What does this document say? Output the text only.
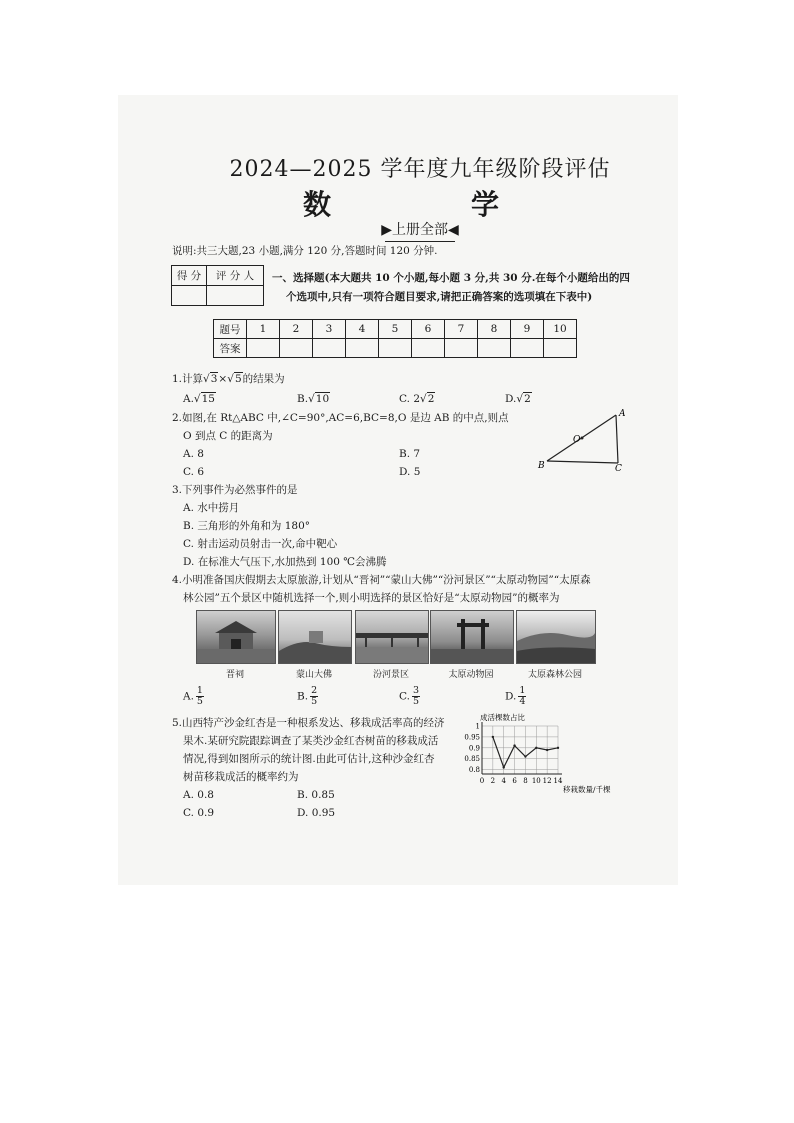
2024—2025 学年度九年级阶段评估
数　　学
▶上册全部◀
说明:共三大题,23 小题,满分 120 分,答题时间 120 分钟.
得 分	评 分 人
	一、选择题(本大题共 10 个小题,每小题 3 分,共 30 分.在每个小题给出的四
个选项中,只有一项符合题目要求,请把正确答案的选项填在下表中)
题号	1	2	3	4	5	6	7	8	9	10
答案										
1.计算√3×√5的结果为
A.√15	B.√10	C. 2√2	D.√2
2.如图,在 Rt△ABC 中,∠C=90°,AC=6,BC=8,O 是边 AB 的中点,则点
O 到点 C 的距离为
A. 8	B. 7
C. 6	D. 5
A
B	C
O
3.下列事件为必然事件的是
A. 水中捞月
B. 三角形的外角和为 180°
C. 射击运动员射击一次,命中靶心
D. 在标准大气压下,水加热到 100 ℃会沸腾
4.小明准备国庆假期去太原旅游,计划从“晋祠”“蒙山大佛”“汾河景区”“太原动物园”“太原森
林公园”五个景区中随机选择一个,则小明选择的景区恰好是“太原动物园”的概率为
晋祠	蒙山大佛	汾河景区	太原动物园	太原森林公园
A. $\frac{1}{5}$	B. $\frac{2}{5}$	C. $\frac{3}{5}$	D. $\frac{1}{4}$
5.山西特产沙金红杏是一种根系发达、移栽成活率高的经济
果木.某研究院跟踪调查了某类沙金红杏树苗的移栽成活
情况,得到如图所示的统计图.由此可估计,这种沙金红杏
树苗移栽成活的概率约为
A. 0.8	B. 0.85
C. 0.9	D. 0.95
0 2 4 6 8 10 12 14
0.8
0.85
0.9
0.95
1
成活棵数占比
移栽数量/千棵
